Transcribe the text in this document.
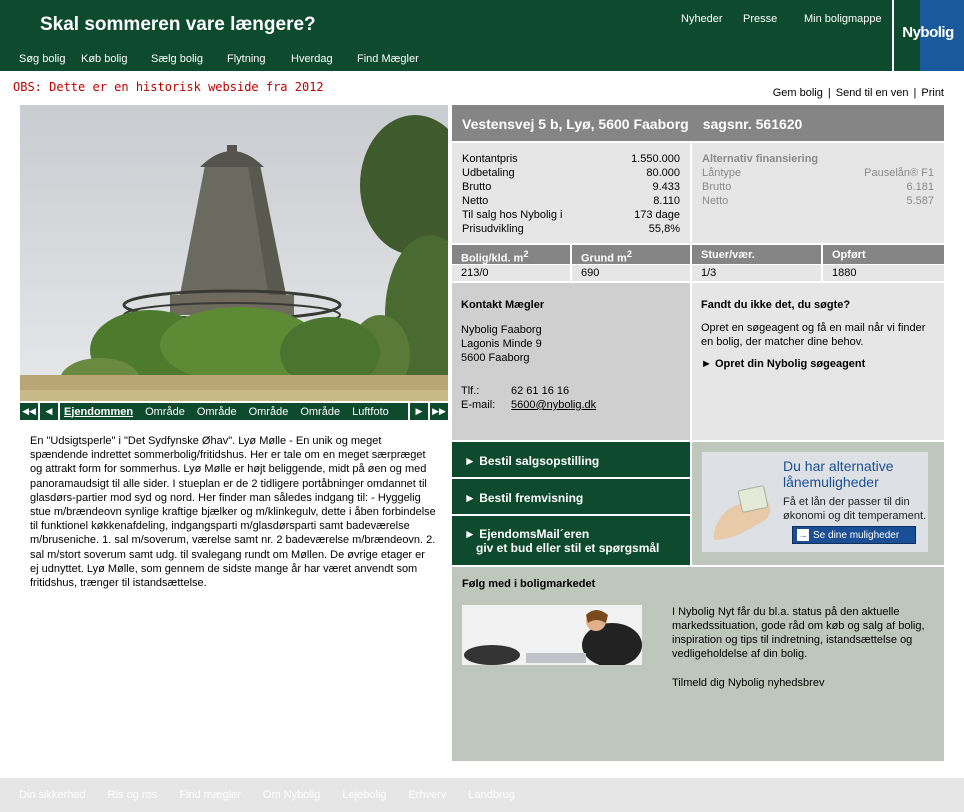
Skal sommeren vare længere?	Nyheder Presse Min boligmappe
Søg bolig	Køb bolig	Sælg bolig	Flytning	Hverdag	Find Mægler
Nybolig
OBS: Dette er en historisk webside fra 2012	Gem bolig | Send til en ven | Print
◀◀	◀	Ejendommen Område Område Område Område Luftfoto	▶	▶▶
En "Udsigtsperle" i "Det Sydfynske Øhav". Lyø Mølle - En unik og meget spændende indrettet sommerbolig/fritidshus. Her er tale om en meget særpræget og attrakt form for sommerhus. Lyø Mølle er højt beliggende, midt på øen og med panoramaudsigt til alle sider. I stueplan er de 2 tidligere portåbninger omdannet til glasdørs-partier mod syd og nord. Her finder man således indgang til: - Hyggelig stue m/brændeovn synlige kraftige bjælker og m/klinkegulv, dette i åben forbindelse til funktionel køkkenafdeling, indgangsparti m/glasdørsparti samt badeværelse m/bruseniche. 1. sal m/soverum, værelse samt nr. 2 badeværelse m/brændeovn. 2. sal m/stort soverum samt udg. til svalegang rundt om Møllen. De øvrige etager er ej udnyttet. Lyø Mølle, som gennem de sidste mange år har været anvendt som fritidshus, trænger til istandsættelse.
Vestensvej 5 b, Lyø, 5600 Faaborg sagsnr. 561620
Kontantpris	1.550.000
Udbetaling	80.000
Brutto	9.433
Netto	8.110
Til salg hos Nybolig i	173 dage
Prisudvikling	55,8%
Alternativ finansiering
Låntype	Pauselån® F1
Brutto	6.181
Netto	5.587
Bolig/kld. $m^2$	Grund $m^2$	Stuer/vær.	Opført
213/0	690	1/3	1880
Kontakt Mægler
Nybolig Faaborg
Lagonis Minde 9
5600 Faaborg
Tlf.:	62 61 16 16
E-mail:	5600@nybolig.dk
Fandt du ikke det, du søgte?
Opret en søgeagent og få en mail når vi finder en bolig, der matcher dine behov.
► Opret din Nybolig søgeagent
► Bestil salgsopstilling
► Bestil fremvisning
► EjendomsMail´eren
giv et bud eller stil et spørgsmål
Du har alternative
lånemuligheder
Få et lån der passer til din
økonomi og dit temperament.
→ Se dine muligheder
Følg med i boligmarkedet
I Nybolig Nyt får du bl.a. status på den aktuelle markedssituation, gode råd om køb og salg af bolig, inspiration og tips til indretning, istandsættelse og vedligeholdelse af din bolig.
Tilmeld dig Nybolig nyhedsbrev
Din sikkerhed Ris og ros Find mægler Om Nybolig Lejebolig Erhverv Landbrug
